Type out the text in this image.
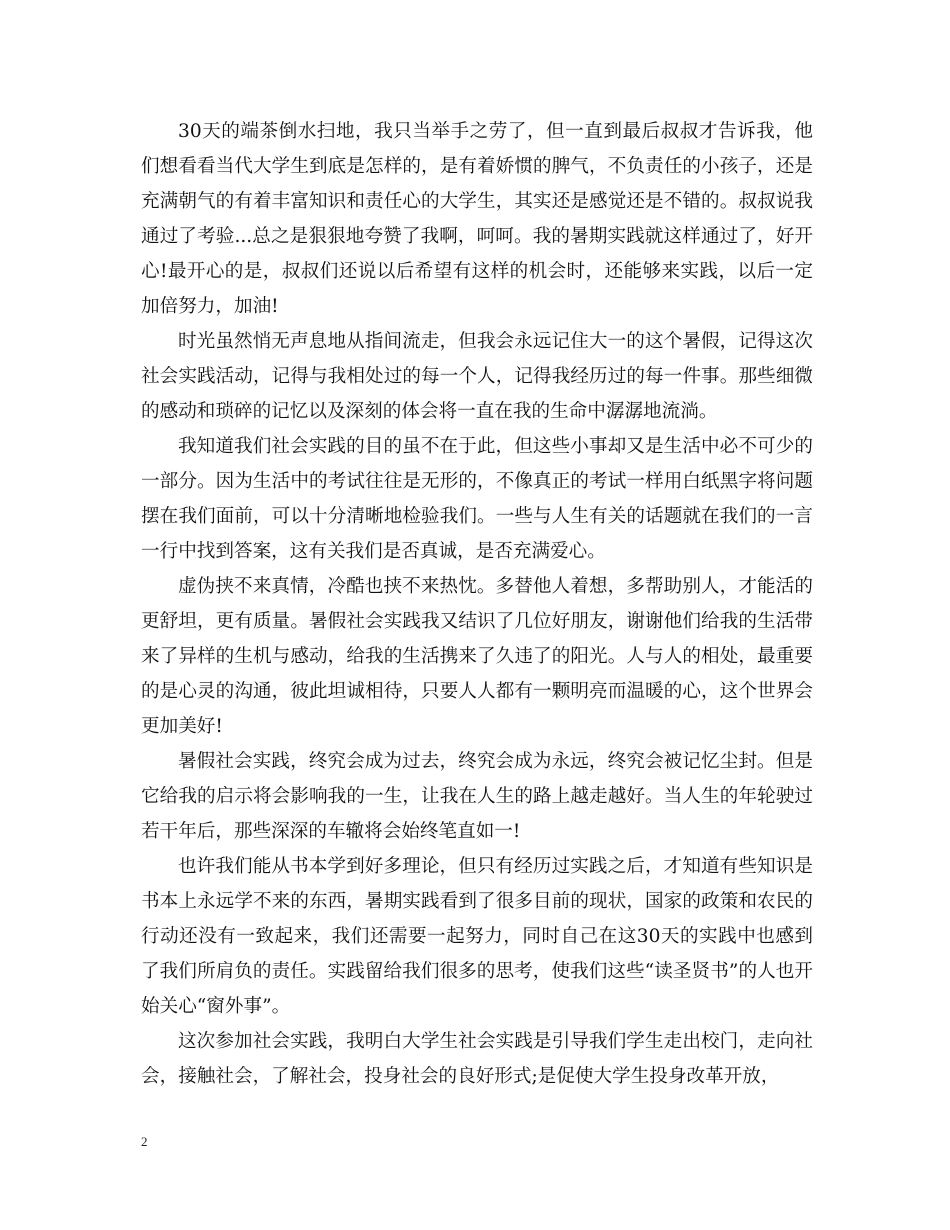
30天的端茶倒水扫地，我只当举手之劳了，但一直到最后叔叔才告诉我，他们想看看当代大学生到底是怎样的，是有着娇惯的脾气，不负责任的小孩子，还是充满朝气的有着丰富知识和责任心的大学生，其实还是感觉还是不错的。叔叔说我通过了考验...总之是狠狠地夸赞了我啊，呵呵。我的暑期实践就这样通过了，好开心!最开心的是，叔叔们还说以后希望有这样的机会时，还能够来实践，以后一定加倍努力，加油!

时光虽然悄无声息地从指间流走，但我会永远记住大一的这个暑假，记得这次社会实践活动，记得与我相处过的每一个人，记得我经历过的每一件事。那些细微的感动和琐碎的记忆以及深刻的体会将一直在我的生命中潺潺地流淌。

我知道我们社会实践的目的虽不在于此，但这些小事却又是生活中必不可少的一部分。因为生活中的考试往往是无形的，不像真正的考试一样用白纸黑字将问题摆在我们面前，可以十分清晰地检验我们。一些与人生有关的话题就在我们的一言一行中找到答案，这有关我们是否真诚，是否充满爱心。

虚伪挟不来真情，冷酷也挟不来热忱。多替他人着想，多帮助别人，才能活的更舒坦，更有质量。暑假社会实践我又结识了几位好朋友，谢谢他们给我的生活带来了异样的生机与感动，给我的生活携来了久违了的阳光。人与人的相处，最重要的是心灵的沟通，彼此坦诚相待，只要人人都有一颗明亮而温暖的心，这个世界会更加美好!

暑假社会实践，终究会成为过去，终究会成为永远，终究会被记忆尘封。但是它给我的启示将会影响我的一生，让我在人生的路上越走越好。当人生的年轮驶过若干年后，那些深深的车辙将会始终笔直如一!

也许我们能从书本学到好多理论，但只有经历过实践之后，才知道有些知识是书本上永远学不来的东西，暑期实践看到了很多目前的现状，国家的政策和农民的行动还没有一致起来，我们还需要一起努力，同时自己在这30天的实践中也感到了我们所肩负的责任。实践留给我们很多的思考，使我们这些“读圣贤书”的人也开始关心“窗外事”。

这次参加社会实践，我明白大学生社会实践是引导我们学生走出校门，走向社会，接触社会，了解社会，投身社会的良好形式;是促使大学生投身改革开放，

2
